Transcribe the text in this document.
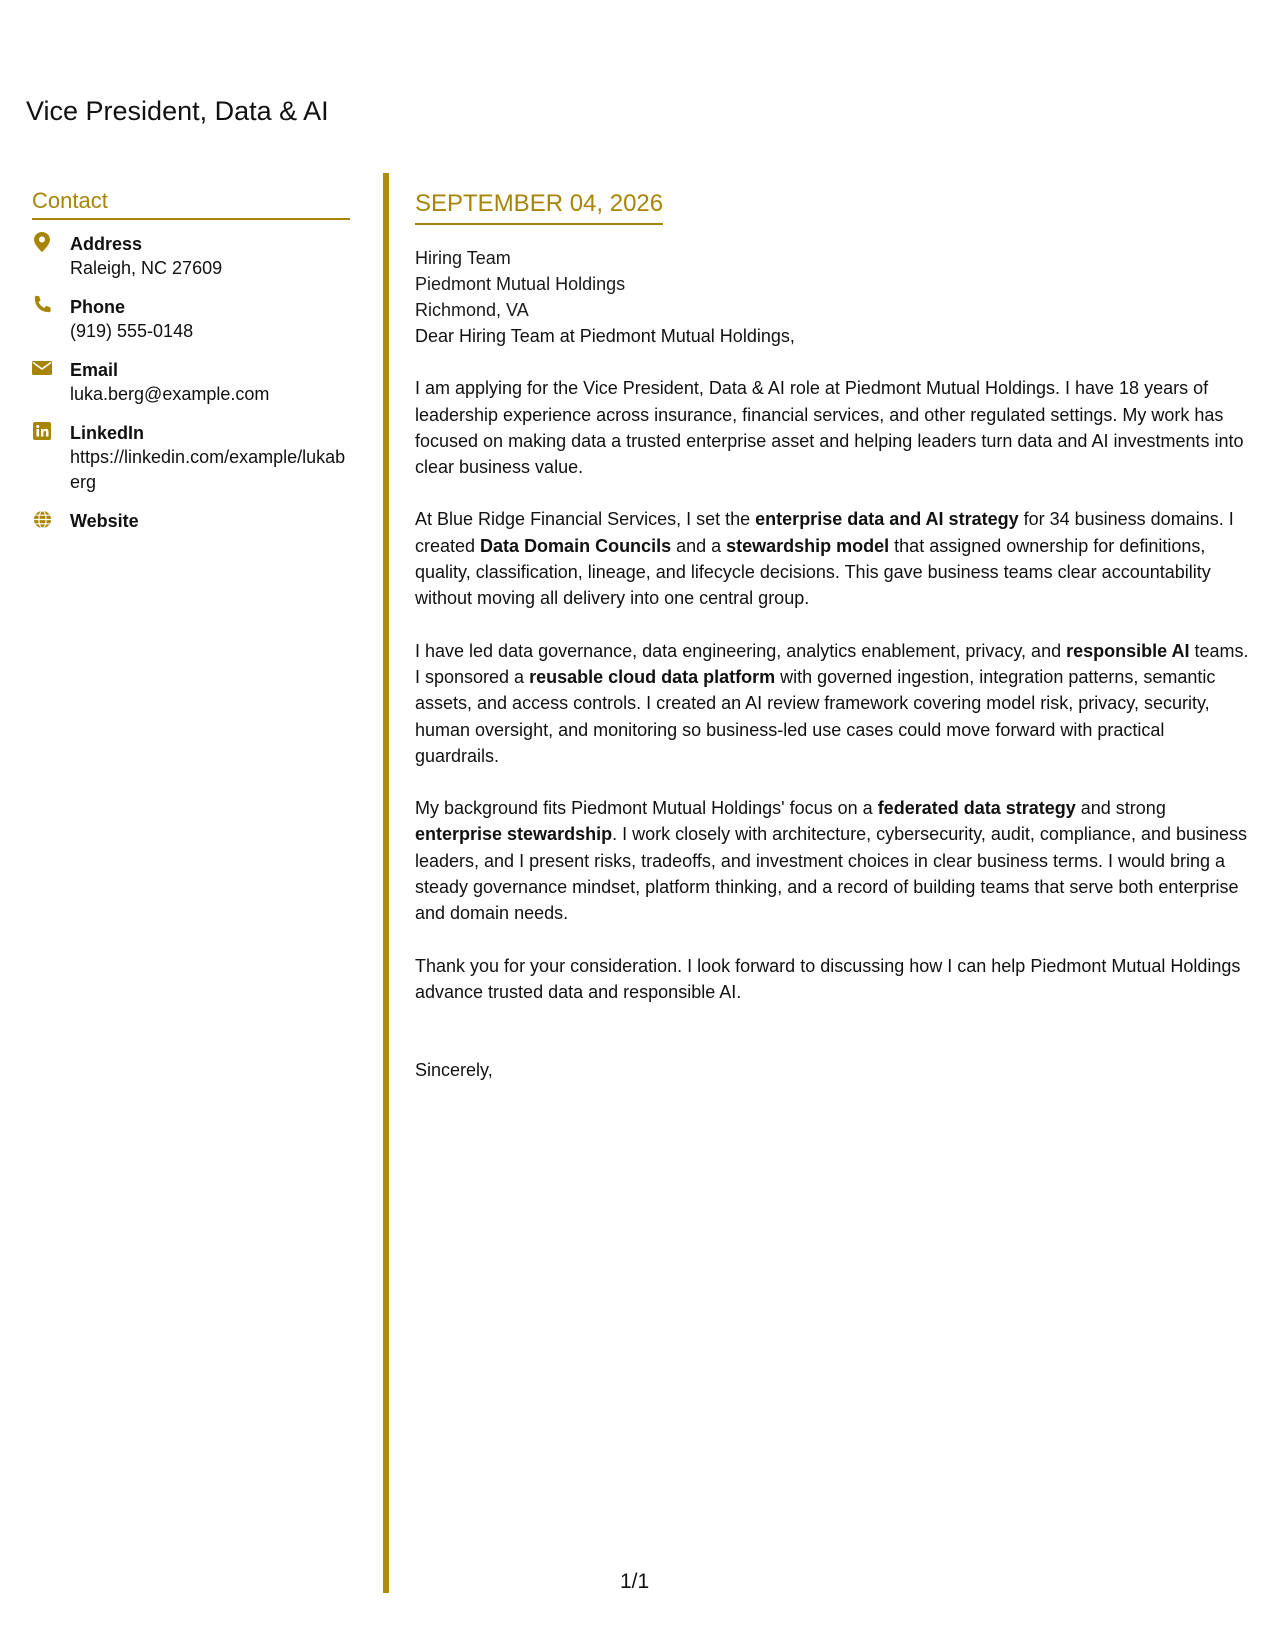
Vice President, Data & AI
Contact
Address
Raleigh, NC 27609
Phone
(919) 555-0148
Email
luka.berg@example.com
LinkedIn
https://linkedin.com/example/lukaberg
Website
SEPTEMBER 04, 2026
Hiring Team
Piedmont Mutual Holdings
Richmond, VA

Dear Hiring Team at Piedmont Mutual Holdings,

I am applying for the Vice President, Data & AI role at Piedmont Mutual Holdings. I have 18 years of leadership experience across insurance, financial services, and other regulated settings. My work has focused on making data a trusted enterprise asset and helping leaders turn data and AI investments into clear business value.

At Blue Ridge Financial Services, I set the enterprise data and AI strategy for 34 business domains. I created Data Domain Councils and a stewardship model that assigned ownership for definitions, quality, classification, lineage, and lifecycle decisions. This gave business teams clear accountability without moving all delivery into one central group.

I have led data governance, data engineering, analytics enablement, privacy, and responsible AI teams. I sponsored a reusable cloud data platform with governed ingestion, integration patterns, semantic assets, and access controls. I created an AI review framework covering model risk, privacy, security, human oversight, and monitoring so business-led use cases could move forward with practical guardrails.

My background fits Piedmont Mutual Holdings' focus on a federated data strategy and strong enterprise stewardship. I work closely with architecture, cybersecurity, audit, compliance, and business leaders, and I present risks, tradeoffs, and investment choices in clear business terms. I would bring a steady governance mindset, platform thinking, and a record of building teams that serve both enterprise and domain needs.

Thank you for your consideration. I look forward to discussing how I can help Piedmont Mutual Holdings advance trusted data and responsible AI.

Sincerely,
1/1
